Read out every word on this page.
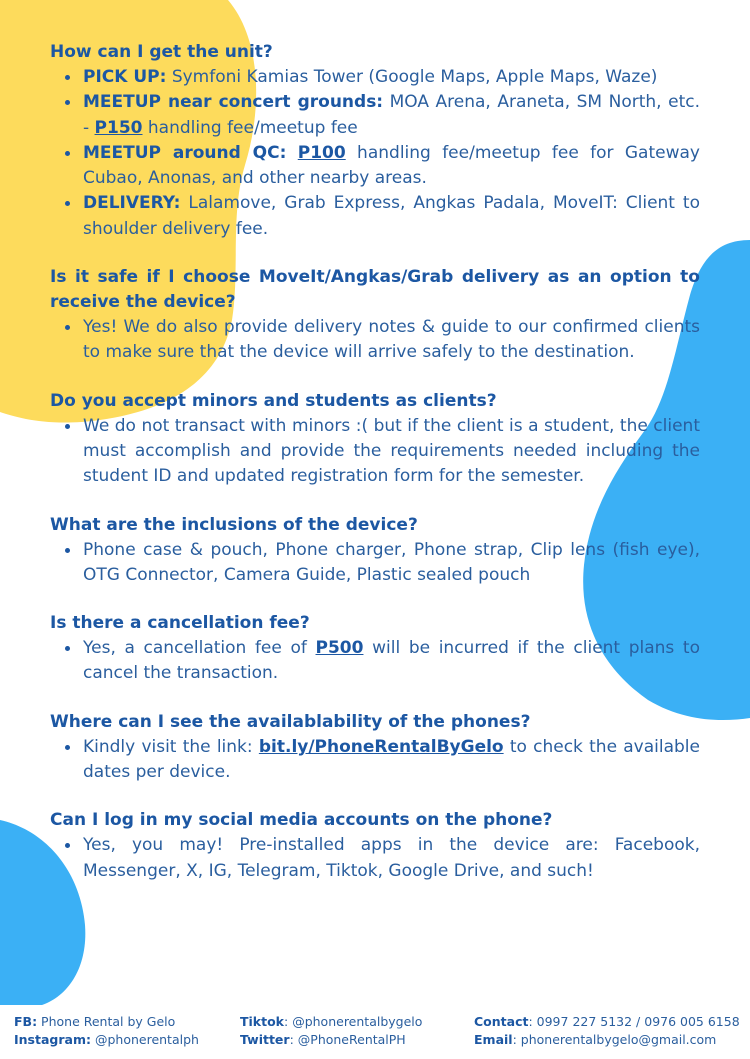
How can I get the unit?

• PICK UP: Symfoni Kamias Tower (Google Maps, Apple Maps, Waze)
• MEETUP near concert grounds: MOA Arena, Araneta, SM North, etc. - P150 handling fee/meetup fee
• MEETUP around QC: P100 handling fee/meetup fee for Gateway Cubao, Anonas, and other nearby areas.
• DELIVERY: Lalamove, Grab Express, Angkas Padala, MoveIT: Client to shoulder delivery fee.

Is it safe if I choose MoveIt/Angkas/Grab delivery as an option to receive the device?

• Yes! We do also provide delivery notes & guide to our confirmed clients to make sure that the device will arrive safely to the destination.

Do you accept minors and students as clients?

• We do not transact with minors :( but if the client is a student, the client must accomplish and provide the requirements needed including the student ID and updated registration form for the semester.

What are the inclusions of the device?

• Phone case & pouch, Phone charger, Phone strap, Clip lens (fish eye), OTG Connector, Camera Guide, Plastic sealed pouch

Is there a cancellation fee?

• Yes, a cancellation fee of P500 will be incurred if the client plans to cancel the transaction.

Where can I see the availablability of the phones?

• Kindly visit the link: bit.ly/PhoneRentalByGelo to check the available dates per device.

Can I log in my social media accounts on the phone?

• Yes, you may! Pre-installed apps in the device are: Facebook, Messenger, X, IG, Telegram, Tiktok, Google Drive, and such!
FB: Phone Rental by Gelo
Instagram: @phonerentalph
Tiktok: @phonerentalbygelo
Twitter: @PhoneRentalPH
Contact: 0997 227 5132 / 0976 005 6158
Email: phonerentalbygelo@gmail.com
